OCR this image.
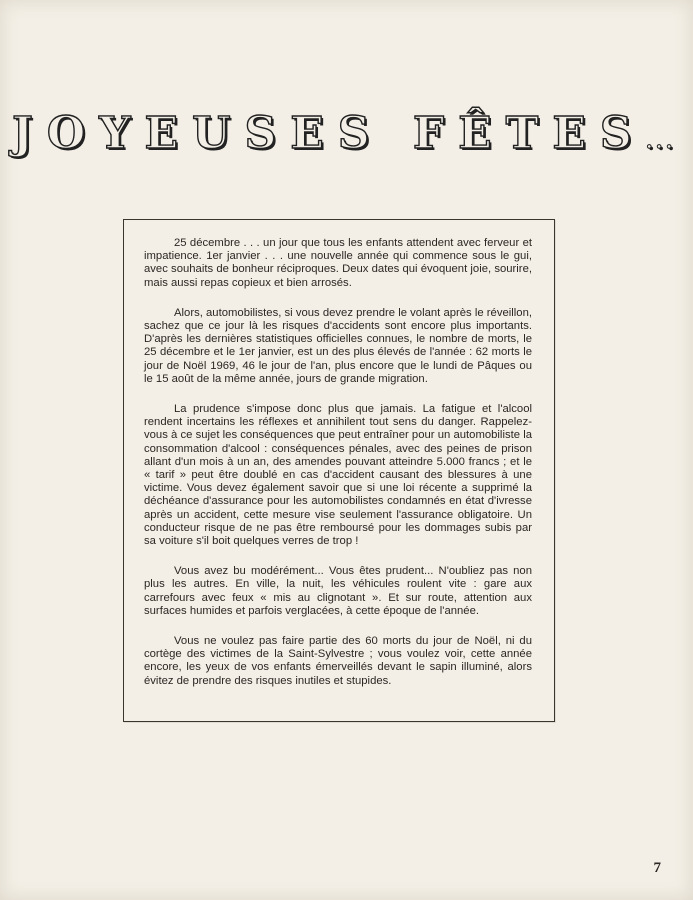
JOYEUSES FÊTES...

25 décembre . . . un jour que tous les enfants attendent avec ferveur et impatience. 1er janvier . . . une nouvelle année qui commence sous le gui, avec souhaits de bonheur réciproques. Deux dates qui évoquent joie, sourire, mais aussi repas copieux et bien arrosés.

Alors, automobilistes, si vous devez prendre le volant après le réveillon, sachez que ce jour là les risques d'accidents sont encore plus importants. D'après les dernières statistiques officielles connues, le nombre de morts, le 25 décembre et le 1er janvier, est un des plus élevés de l'année : 62 morts le jour de Noël 1969, 46 le jour de l'an, plus encore que le lundi de Pâques ou le 15 août de la même année, jours de grande migration.

La prudence s'impose donc plus que jamais. La fatigue et l'alcool rendent incertains les réflexes et annihilent tout sens du danger. Rappelez-vous à ce sujet les conséquences que peut entraîner pour un automobiliste la consommation d'alcool : conséquences pénales, avec des peines de prison allant d'un mois à un an, des amendes pouvant atteindre 5.000 francs ; et le « tarif » peut être doublé en cas d'accident causant des blessures à une victime. Vous devez également savoir que si une loi récente a supprimé la déchéance d'assurance pour les automobilistes condamnés en état d'ivresse après un accident, cette mesure vise seulement l'assurance obligatoire. Un conducteur risque de ne pas être remboursé pour les dommages subis par sa voiture s'il boit quelques verres de trop !

Vous avez bu modérément... Vous êtes prudent... N'oubliez pas non plus les autres. En ville, la nuit, les véhicules roulent vite : gare aux carrefours avec feux « mis au clignotant ». Et sur route, attention aux surfaces humides et parfois verglacées, à cette époque de l'année.

Vous ne voulez pas faire partie des 60 morts du jour de Noël, ni du cortège des victimes de la Saint-Sylvestre ; vous voulez voir, cette année encore, les yeux de vos enfants émerveillés devant le sapin illuminé, alors évitez de prendre des risques inutiles et stupides.

7
